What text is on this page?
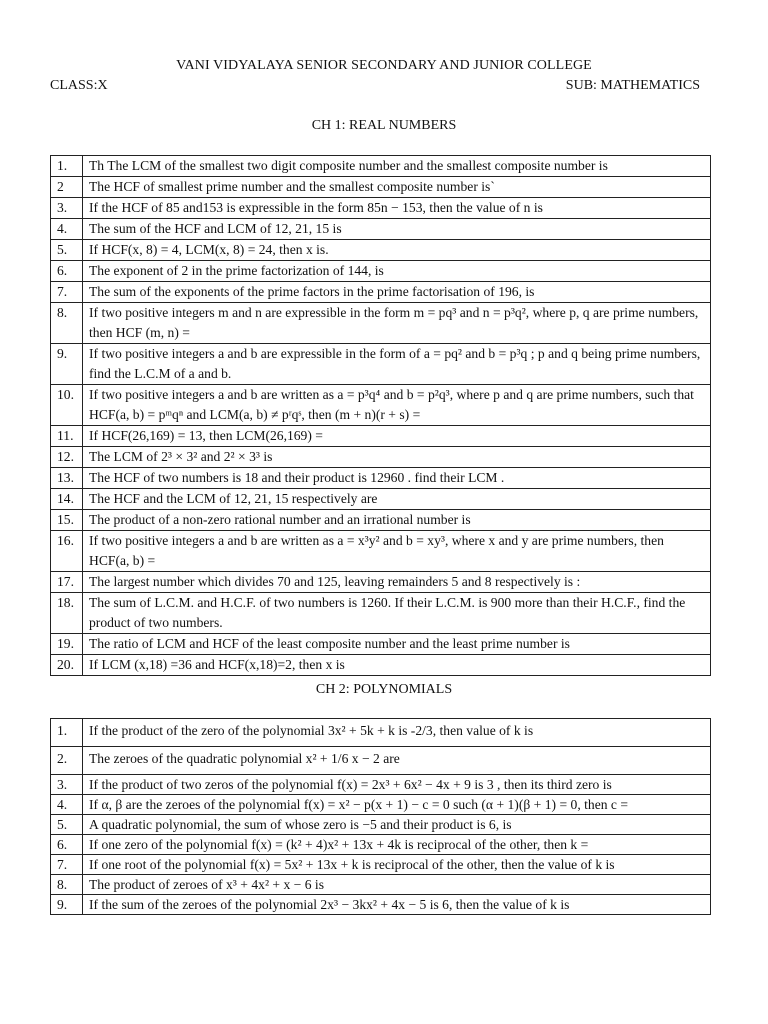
VANI VIDYALAYA SENIOR SECONDARY AND JUNIOR COLLEGE
CLASS:X	SUB: MATHEMATICS
CH 1: REAL NUMBERS
1.	Th The LCM of the smallest two digit composite number and the smallest composite number is
2	The HCF of smallest prime number and the smallest composite number is`
3.	If the HCF of 85 and153 is expressible in the form 85n − 153, then the value of n is
4.	The sum of the HCF and LCM of 12, 21, 15 is
5.	If HCF(x, 8) = 4, LCM(x, 8) = 24, then x is.
6.	The exponent of 2 in the prime factorization of 144, is
7.	The sum of the exponents of the prime factors in the prime factorisation of 196, is
8.	If two positive integers m and n are expressible in the form m = pq³ and n = p³q², where p, q are prime numbers, then HCF (m, n) =
9.	If two positive integers a and b are expressible in the form of a = pq² and b = p³q ; p and q being prime numbers, find the L.C.M of a and b.
10.	If two positive integers a and b are written as a = p³q⁴ and b = p²q³, where p and q are prime numbers, such that HCF(a, b) = pᵐqⁿ and LCM(a, b) ≠ pʳqˢ, then (m + n)(r + s) =
11.	If HCF(26,169) = 13, then LCM(26,169) =
12.	The LCM of 2³ × 3² and 2² × 3³ is
13.	The HCF of two numbers is 18 and their product is 12960 . find their LCM .
14.	The HCF and the LCM of 12, 21, 15 respectively are
15.	The product of a non-zero rational number and an irrational number is
16.	If two positive integers a and b are written as a = x³y² and b = xy³, where x and y are prime numbers, then HCF(a, b) =
17.	The largest number which divides 70 and 125, leaving remainders 5 and 8 respectively is :
18.	The sum of L.C.M. and H.C.F. of two numbers is 1260. If their L.C.M. is 900 more than their H.C.F., find the product of two numbers.
19.	The ratio of LCM and HCF of the least composite number and the least prime number is
20.	If LCM (x,18) =36 and HCF(x,18)=2, then x is
CH 2: POLYNOMIALS
1.	If the product of the zero of the polynomial 3x² + 5k + k is -2/3, then value of k is
2.	The zeroes of the quadratic polynomial x² + 1/6 x − 2 are
3.	If the product of two zeros of the polynomial f(x) = 2x³ + 6x² − 4x + 9 is 3 , then its third zero is
4.	If α, β are the zeroes of the polynomial f(x) = x² − p(x + 1) − c = 0 such (α + 1)(β + 1) = 0, then c =
5.	A quadratic polynomial, the sum of whose zero is −5 and their product is 6, is
6.	If one zero of the polynomial f(x) = (k² + 4)x² + 13x + 4k is reciprocal of the other, then k =
7.	If one root of the polynomial f(x) = 5x² + 13x + k is reciprocal of the other, then the value of k is
8.	The product of zeroes of x³ + 4x² + x − 6 is
9.	If the sum of the zeroes of the polynomial 2x³ − 3kx² + 4x − 5 is 6, then the value of k is
